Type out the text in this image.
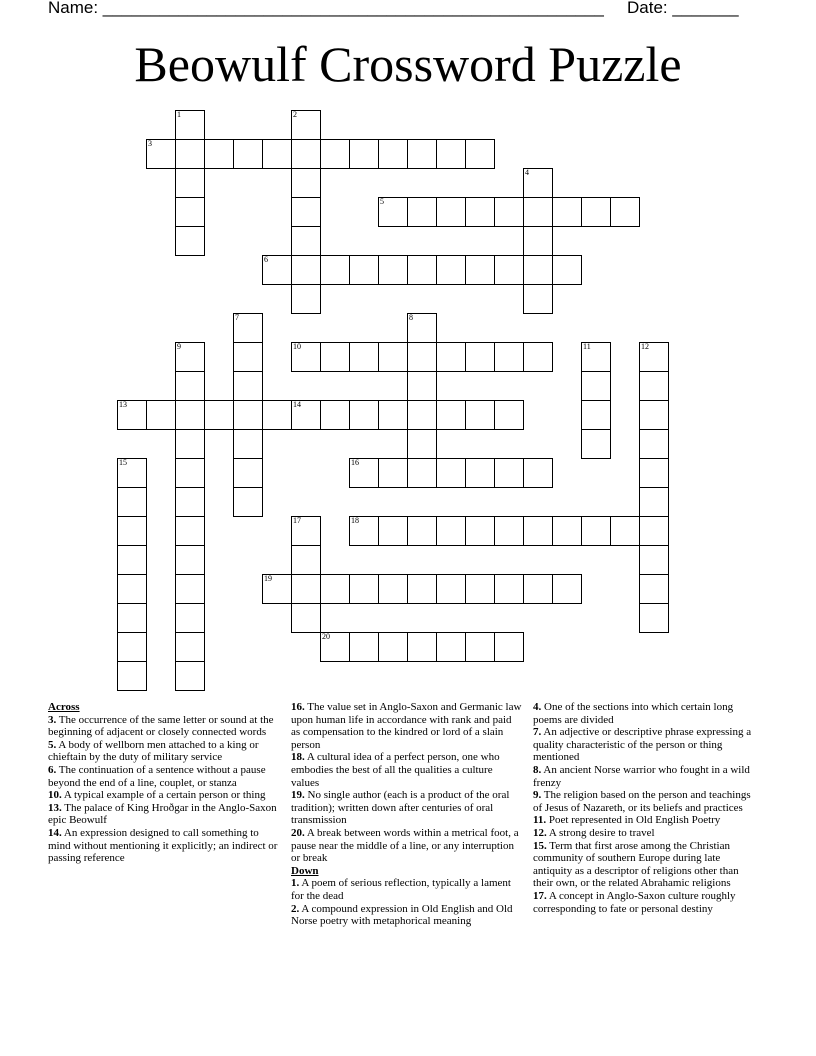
Name: _____________________________________________________ Date: _______
Beowulf Crossword Puzzle
3
5
6
10
13	14
16
18
19
20
1	2
4
7	8
9	11	12
15
17
Across
3. The occurrence of the same letter or sound at the beginning of adjacent or closely connected words
5. A body of wellborn men attached to a king or chieftain by the duty of military service
6. The continuation of a sentence without a pause beyond the end of a line, couplet, or stanza
10. A typical example of a certain person or thing
13. The palace of King Hroðgar in the Anglo-Saxon epic Beowulf
14. An expression designed to call something to mind without mentioning it explicitly; an indirect or passing reference
16. The value set in Anglo-Saxon and Germanic law upon human life in accordance with rank and paid as compensation to the kindred or lord of a slain person
18. A cultural idea of a perfect person, one who embodies the best of all the qualities a culture values
19. No single author (each is a product of the oral tradition); written down after centuries of oral transmission
20. A break between words within a metrical foot, a pause near the middle of a line, or any interruption or break
Down
1. A poem of serious reflection, typically a lament for the dead
2. A compound expression in Old English and Old Norse poetry with metaphorical meaning
4. One of the sections into which certain long poems are divided
7. An adjective or descriptive phrase expressing a quality characteristic of the person or thing mentioned
8. An ancient Norse warrior who fought in a wild frenzy
9. The religion based on the person and teachings of Jesus of Nazareth, or its beliefs and practices
11. Poet represented in Old English Poetry
12. A strong desire to travel
15. Term that first arose among the Christian community of southern Europe during late antiquity as a descriptor of religions other than their own, or the related Abrahamic religions
17. A concept in Anglo-Saxon culture roughly corresponding to fate or personal destiny
